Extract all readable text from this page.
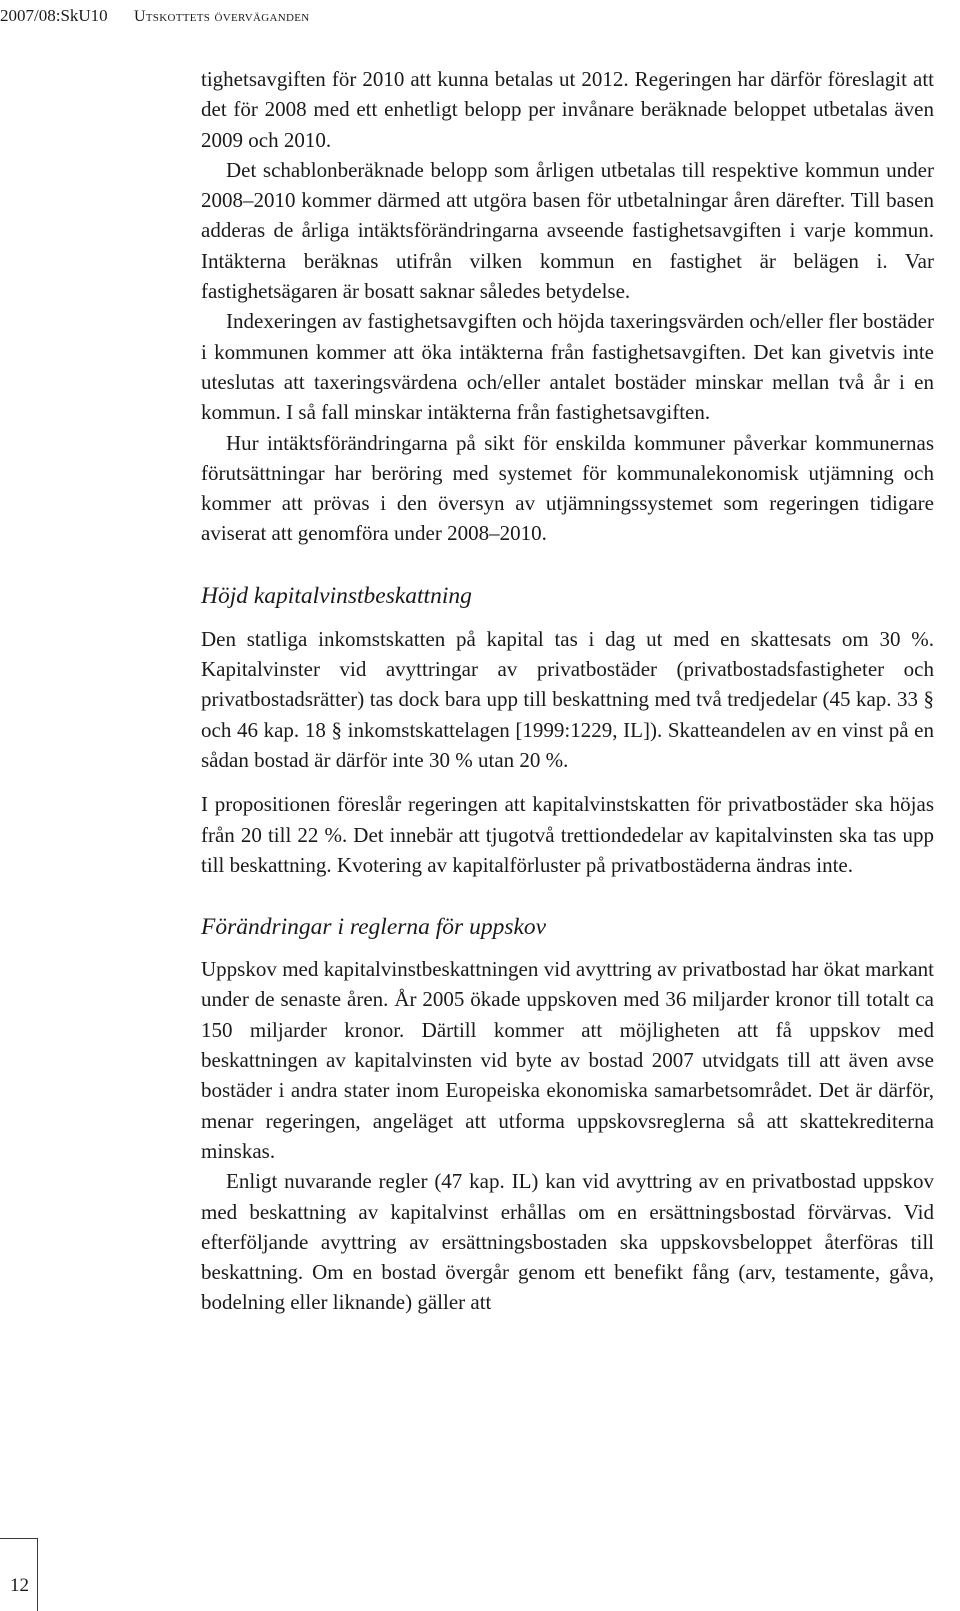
2007/08:SkU10 Utskottets överväganden

tighetsavgiften för 2010 att kunna betalas ut 2012. Regeringen har därför föreslagit att det för 2008 med ett enhetligt belopp per invånare beräknade beloppet utbetalas även 2009 och 2010.

Det schablonberäknade belopp som årligen utbetalas till respektive kommun under 2008–2010 kommer därmed att utgöra basen för utbetalningar åren därefter. Till basen adderas de årliga intäktsförändringarna avseende fastighetsavgiften i varje kommun. Intäkterna beräknas utifrån vilken kommun en fastighet är belägen i. Var fastighetsägaren är bosatt saknar således betydelse.

Indexeringen av fastighetsavgiften och höjda taxeringsvärden och/eller fler bostäder i kommunen kommer att öka intäkterna från fastighetsavgiften. Det kan givetvis inte uteslutas att taxeringsvärdena och/eller antalet bostäder minskar mellan två år i en kommun. I så fall minskar intäkterna från fastighetsavgiften.

Hur intäktsförändringarna på sikt för enskilda kommuner påverkar kommunernas förutsättningar har beröring med systemet för kommunalekonomisk utjämning och kommer att prövas i den översyn av utjämningssystemet som regeringen tidigare aviserat att genomföra under 2008–2010.

Höjd kapitalvinstbeskattning

Den statliga inkomstskatten på kapital tas i dag ut med en skattesats om 30 %. Kapitalvinster vid avyttringar av privatbostäder (privatbostadsfastigheter och privatbostadsrätter) tas dock bara upp till beskattning med två tredjedelar (45 kap. 33 § och 46 kap. 18 § inkomstskattelagen [1999:1229, IL]). Skatteandelen av en vinst på en sådan bostad är därför inte 30 % utan 20 %.

I propositionen föreslår regeringen att kapitalvinstskatten för privatbostäder ska höjas från 20 till 22 %. Det innebär att tjugotvå trettiondedelar av kapitalvinsten ska tas upp till beskattning. Kvotering av kapitalförluster på privatbostäderna ändras inte.

Förändringar i reglerna för uppskov

Uppskov med kapitalvinstbeskattningen vid avyttring av privatbostad har ökat markant under de senaste åren. År 2005 ökade uppskoven med 36 miljarder kronor till totalt ca 150 miljarder kronor. Därtill kommer att möjligheten att få uppskov med beskattningen av kapitalvinsten vid byte av bostad 2007 utvidgats till att även avse bostäder i andra stater inom Europeiska ekonomiska samarbetsområdet. Det är därför, menar regeringen, angeläget att utforma uppskovsreglerna så att skattekrediterna minskas.

Enligt nuvarande regler (47 kap. IL) kan vid avyttring av en privatbostad uppskov med beskattning av kapitalvinst erhållas om en ersättningsbostad förvärvas. Vid efterföljande avyttring av ersättningsbostaden ska uppskovsbeloppet återföras till beskattning. Om en bostad övergår genom ett benefikt fång (arv, testamente, gåva, bodelning eller liknande) gäller att

12
